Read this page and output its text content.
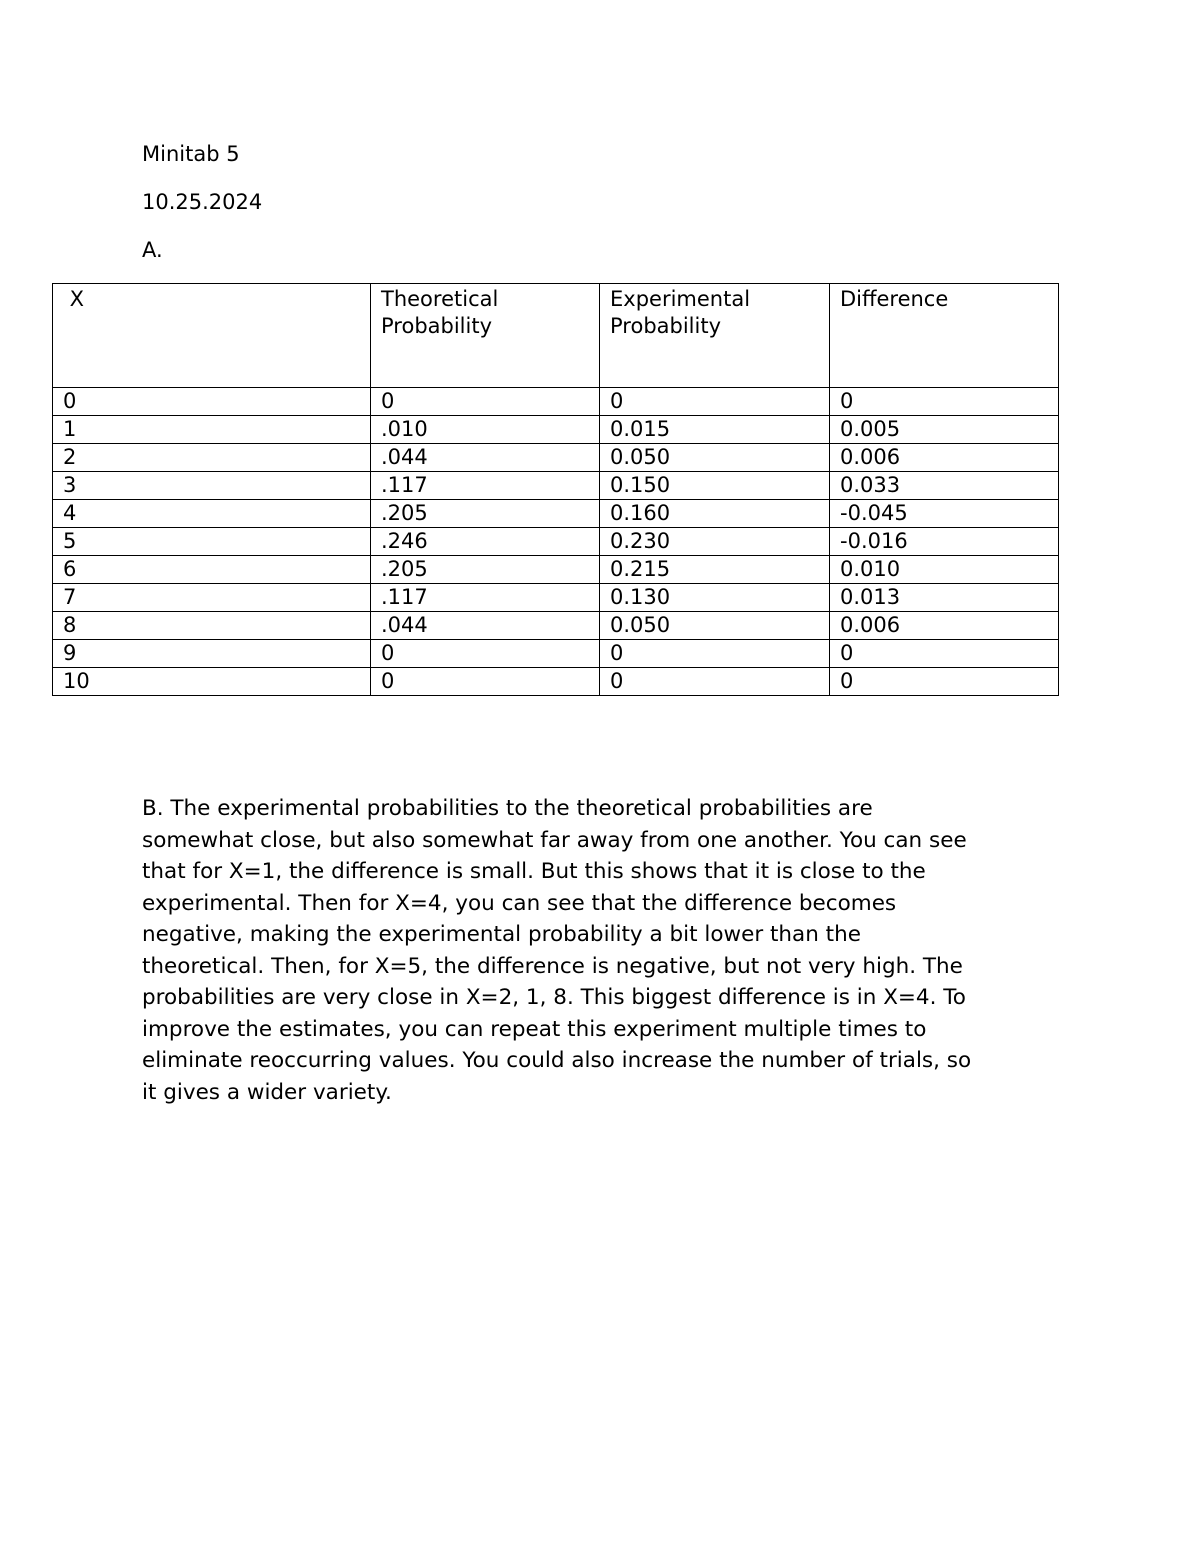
Minitab 5
10.25.2024
A.
X	Theoretical Probability	Experimental Probability	Difference
0	0	0	0
1	.010	0.015	0.005
2	.044	0.050	0.006
3	.117	0.150	0.033
4	.205	0.160	-0.045
5	.246	0.230	-0.016
6	.205	0.215	0.010
7	.117	0.130	0.013
8	.044	0.050	0.006
9	0	0	0
10	0	0	0
B. The experimental probabilities to the theoretical probabilities are
somewhat close, but also somewhat far away from one another. You can see
that for X=1, the difference is small. But this shows that it is close to the
experimental. Then for X=4, you can see that the difference becomes
negative, making the experimental probability a bit lower than the
theoretical. Then, for X=5, the difference is negative, but not very high. The
probabilities are very close in X=2, 1, 8. This biggest difference is in X=4. To
improve the estimates, you can repeat this experiment multiple times to
eliminate reoccurring values. You could also increase the number of trials, so
it gives a wider variety.
